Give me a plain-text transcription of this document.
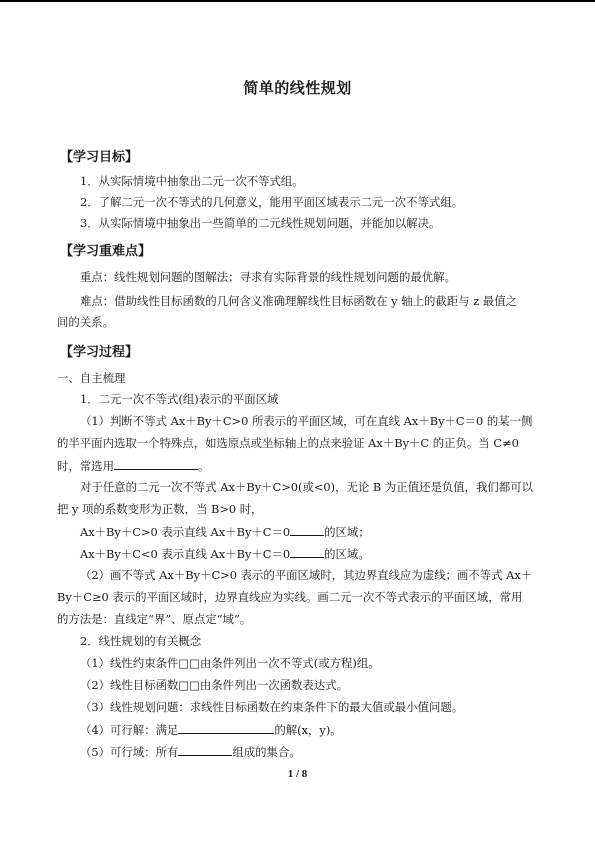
简单的线性规划
【学习目标】
1．从实际情境中抽象出二元一次不等式组。
2．了解二元一次不等式的几何意义，能用平面区域表示二元一次不等式组。
3．从实际情境中抽象出一些简单的二元线性规划问题，并能加以解决。
【学习重难点】
重点：线性规划问题的图解法；寻求有实际背景的线性规划问题的最优解。
难点：借助线性目标函数的几何含义准确理解线性目标函数在 y 轴上的截距与 z 最值之
间的关系。
【学习过程】
一、自主梳理
1．二元一次不等式(组)表示的平面区域
（1）判断不等式 Ax＋By＋C>0 所表示的平面区域，可在直线 Ax＋By＋C＝0 的某一侧
的半平面内选取一个特殊点，如选原点或坐标轴上的点来验证 Ax＋By＋C 的正负。当 C≠0
时，常选用	。
对于任意的二元一次不等式 Ax＋By＋C>0(或<0)，无论 B 为正值还是负值，我们都可以
把 y 项的系数变形为正数，当 B>0 时，
Ax＋By＋C>0 表示直线 Ax＋By＋C＝0	的区域；
Ax＋By＋C<0 表示直线 Ax＋By＋C＝0	的区域。
（2）画不等式 Ax＋By＋C>0 表示的平面区域时，其边界直线应为虚线；画不等式 Ax＋
By＋C≥0 表示的平面区域时，边界直线应为实线。画二元一次不等式表示的平面区域，常用
的方法是：直线定“界”、原点定“域”。
2．线性规划的有关概念
（1）线性约束条件□□由条件列出一次不等式(或方程)组。
（2）线性目标函数□□由条件列出一次函数表达式。
（3）线性规划问题：求线性目标函数在约束条件下的最大值或最小值问题。
（4）可行解：满足	的解(x，y)。
（5）可行域：所有	组成的集合。
1 / 8
